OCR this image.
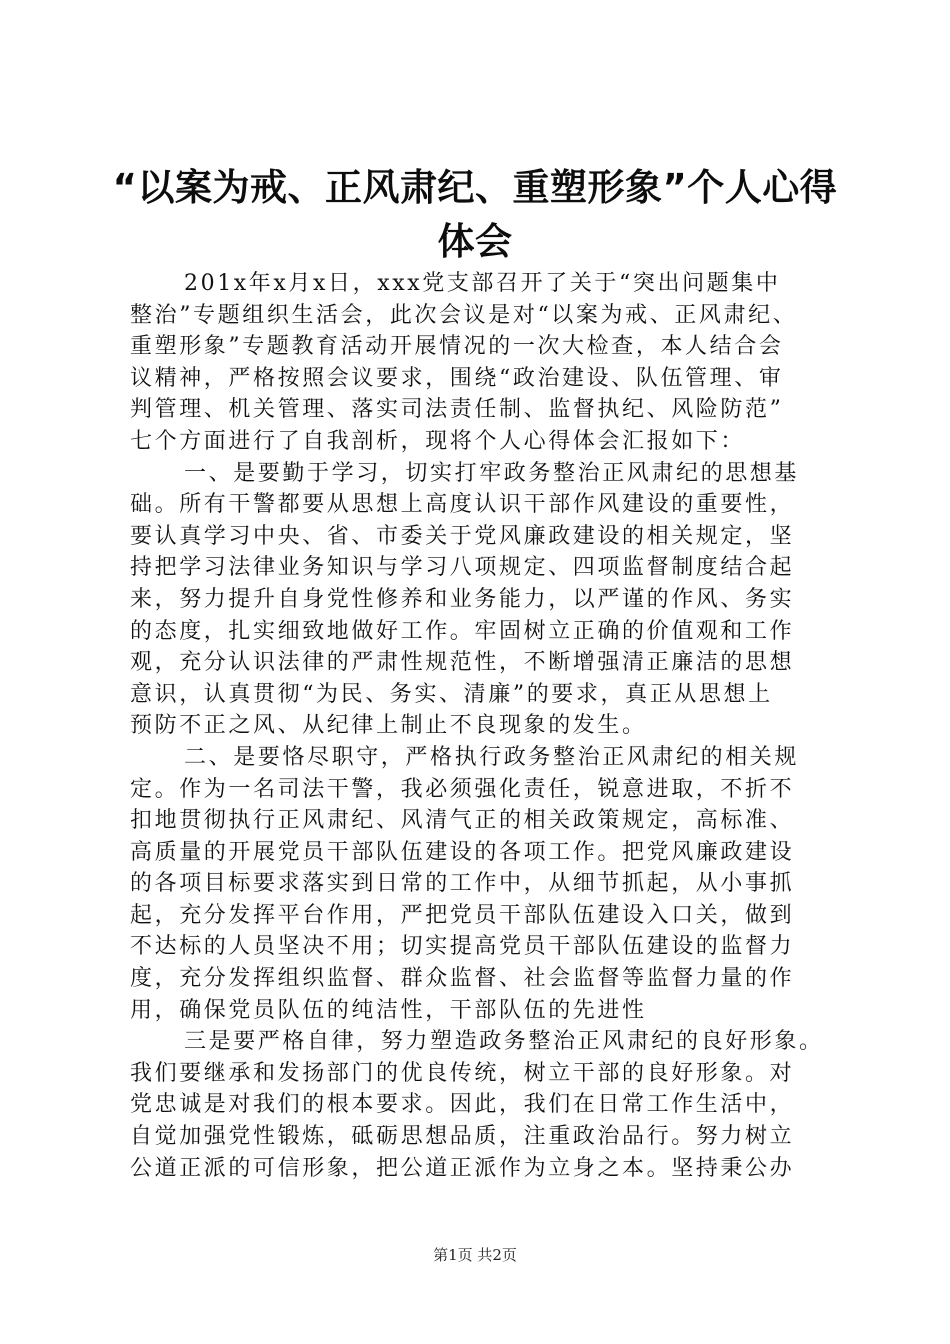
“以案为戒、正风肃纪、重塑形象”个人心得
体会
201x年x月x日，xxx党支部召开了关于“突出问题集中
整治”专题组织生活会，此次会议是对“以案为戒、正风肃纪、
重塑形象”专题教育活动开展情况的一次大检查，本人结合会
议精神，严格按照会议要求，围绕“政治建设、队伍管理、审
判管理、机关管理、落实司法责任制、监督执纪、风险防范”
七个方面进行了自我剖析，现将个人心得体会汇报如下：
一、是要勤于学习，切实打牢政务整治正风肃纪的思想基
础。所有干警都要从思想上高度认识干部作风建设的重要性，
要认真学习中央、省、市委关于党风廉政建设的相关规定，坚
持把学习法律业务知识与学习八项规定、四项监督制度结合起
来，努力提升自身党性修养和业务能力，以严谨的作风、务实
的态度，扎实细致地做好工作。牢固树立正确的价值观和工作
观，充分认识法律的严肃性规范性，不断增强清正廉洁的思想
意识，认真贯彻“为民、务实、清廉”的要求，真正从思想上
预防不正之风、从纪律上制止不良现象的发生。
二、是要恪尽职守，严格执行政务整治正风肃纪的相关规
定。作为一名司法干警，我必须强化责任，锐意进取，不折不
扣地贯彻执行正风肃纪、风清气正的相关政策规定，高标准、
高质量的开展党员干部队伍建设的各项工作。把党风廉政建设
的各项目标要求落实到日常的工作中，从细节抓起，从小事抓
起，充分发挥平台作用，严把党员干部队伍建设入口关，做到
不达标的人员坚决不用；切实提高党员干部队伍建设的监督力
度，充分发挥组织监督、群众监督、社会监督等监督力量的作
用，确保党员队伍的纯洁性，干部队伍的先进性
三是要严格自律，努力塑造政务整治正风肃纪的良好形象。
我们要继承和发扬部门的优良传统，树立干部的良好形象。对
党忠诚是对我们的根本要求。因此，我们在日常工作生活中，
自觉加强党性锻炼，砥砺思想品质，注重政治品行。努力树立
公道正派的可信形象，把公道正派作为立身之本。坚持秉公办
第1页 共2页
